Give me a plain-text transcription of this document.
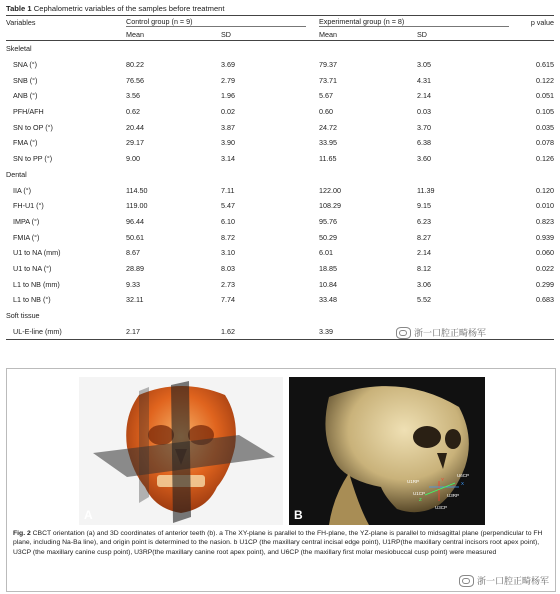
Table 1 Cephalometric variables of the samples before treatment
Variables	Control group (n = 9)		Experimental group (n = 8)		p value
	Mean	SD	Mean	SD	
Skeletal					
SNA (°)	80.22	3.69	79.37	3.05	0.615
SNB (°)	76.56	2.79	73.71	4.31	0.122
ANB (°)	3.56	1.96	5.67	2.14	0.051
PFH/AFH	0.62	0.02	0.60	0.03	0.105
SN to OP (°)	20.44	3.87	24.72	3.70	0.035
FMA (°)	29.17	3.90	33.95	6.38	0.078
SN to PP (°)	9.00	3.14	11.65	3.60	0.126
Dental					
IIA (°)	114.50	7.11	122.00	11.39	0.120
FH-U1 (°)	119.00	5.47	108.29	9.15	0.010
IMPA (°)	96.44	6.10	95.76	6.23	0.823
FMIA (°)	50.61	8.72	50.29	8.27	0.939
U1 to NA (mm)	8.67	3.10	6.01	2.14	0.060
U1 to NA (°)	28.89	8.03	18.85	8.12	0.022
L1 to NB (mm)	9.33	2.73	10.84	3.06	0.299
L1 to NB (°)	32.11	7.74	33.48	5.52	0.683
Soft tissue					
UL-E-line (mm)	2.17	1.62	3.39			浙一口腔正畸杨军
A
U6CP
U1CP
U1RP
U3CP
U3RP
X
Y
Z
B
Fig. 2 CBCT orientation (a) and 3D coordinates of anterior teeth (b). a The XY-plane is parallel to the FH-plane, the YZ-plane is parallel to midsagittal plane (perpendicular to FH plane, including Na-Ba line), and origin point is determined to the nasion. b U1CP (the maxillary central incisal edge point), U1RP(the maxillary central incisors root apex point), U3CP (the maxillary canine cusp point), U3RP(the maxillary canine root apex point), and U6CP (the maxillary first molar mesiobuccal cusp point) were measured
浙一口腔正畸杨军
